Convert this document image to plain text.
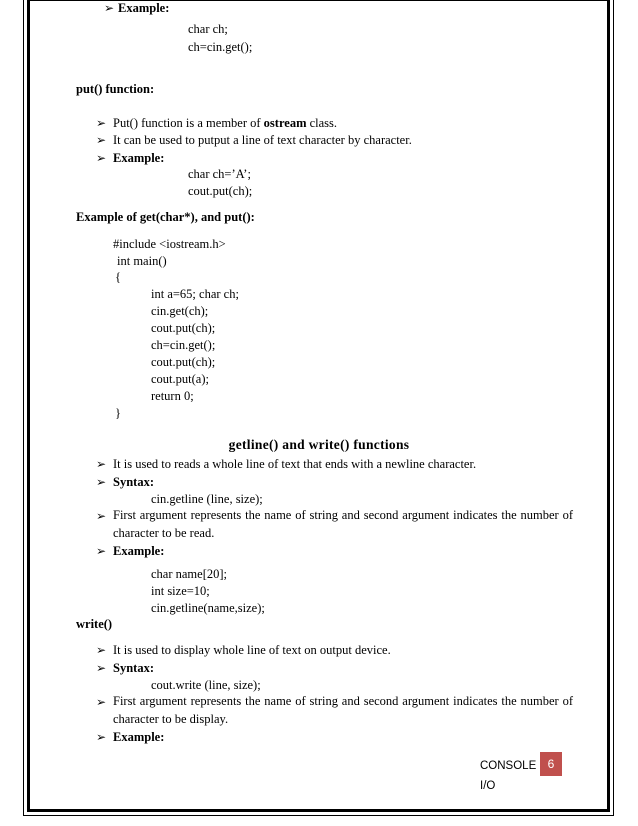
➢ Example:
char ch;
ch=cin.get();
put() function:
➢ Put() function is a member of ostream class.
➢ It can be used to putput a line of text character by character.
➢ Example:
char ch=’A’;
cout.put(ch);
Example of get(char*), and put():
#include <iostream.h>
int main()
{
int a=65; char ch;
cin.get(ch);
cout.put(ch);
ch=cin.get();
cout.put(ch);
cout.put(a);
return 0;
}
getline() and write() functions
➢ It is used to reads a whole line of text that ends with a newline character.
➢ Syntax:
cin.getline (line, size);
➢ First argument represents the name of string and second argument indicates the number of character to be read.
➢ Example:
char name[20];
int size=10;
cin.getline(name,size);
write()
➢ It is used to display whole line of text on output device.
➢ Syntax:
cout.write (line, size);
➢ First argument represents the name of string and second argument indicates the number of character to be display.
➢ Example:
CONSOLE I/O
6
